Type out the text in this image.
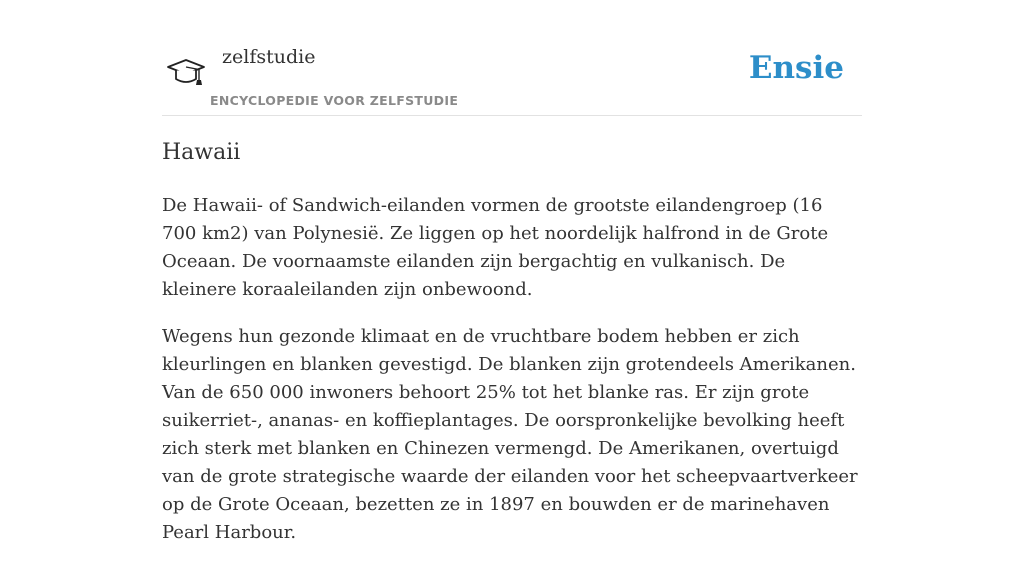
zelfstudie
ENCYCLOPEDIE VOOR ZELFSTUDIE
Ensie
Hawaii

De Hawaii- of Sandwich-eilanden vormen de grootste eilandengroep (16 700 km2) van Polynesië. Ze liggen op het noordelijk halfrond in de Grote Oceaan. De voornaamste eilanden zijn bergachtig en vulkanisch. De kleinere koraaleilanden zijn onbewoond.

Wegens hun gezonde klimaat en de vruchtbare bodem hebben er zich kleurlingen en blanken gevestigd. De blanken zijn grotendeels Amerikanen. Van de 650 000 inwoners behoort 25% tot het blanke ras. Er zijn grote suikerriet-, ananas- en koffieplantages. De oorspronkelijke bevolking heeft zich sterk met blanken en Chinezen vermengd. De Amerikanen, overtuigd van de grote strategische waarde der eilanden voor het scheepvaartverkeer op de Grote Oceaan, bezetten ze in 1897 en bouwden er de marinehaven Pearl Harbour.
